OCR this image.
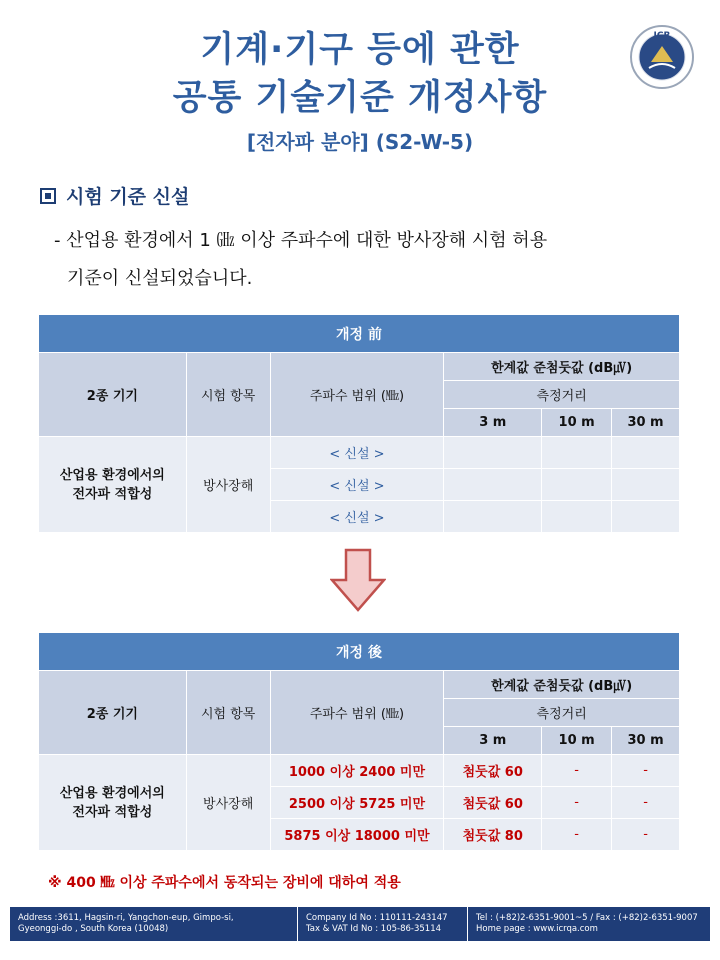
기계·기구 등에 관한
공통 기술기준 개정사항
[전자파 분야] (S2-W-5)
ICR
시험 기준 신설
- 산업용 환경에서 1 ㎓ 이상 주파수에 대한 방사장해 시험 허용
기준이 신설되었습니다.
개정 前					
2종 기기	시험 항목	주파수 범위 (㎒)	한계값 준첨둣값 (dB㎶)		
			측정거리		
			3 m	10 m	30 m
산업용 환경에서의
전자파 적합성	방사장해	< 신설 >			
		< 신설 >			
		< 신설 >			
개정 後					
2종 기기	시험 항목	주파수 범위 (㎒)	한계값 준첨둣값 (dB㎶)		
			측정거리		
			3 m	10 m	30 m
산업용 환경에서의
전자파 적합성	방사장해	1000 이상 2400 미만	첨둣값 60	-	-
		2500 이상 5725 미만	첨둣값 60	-	-
		5875 이상 18000 미만	첨둣값 80	-	-
※ 400 ㎒ 이상 주파수에서 동작되는 장비에 대하여 적용
Address :3611, Hagsin-ri, Yangchon-eup, Gimpo-si,
Gyeonggi-do , South Korea (10048)
Company Id No : 110111-243147
Tax & VAT Id No : 105-86-35114
Tel : (+82)2-6351-9001~5 / Fax : (+82)2-6351-9007
Home page : www.icrqa.com
